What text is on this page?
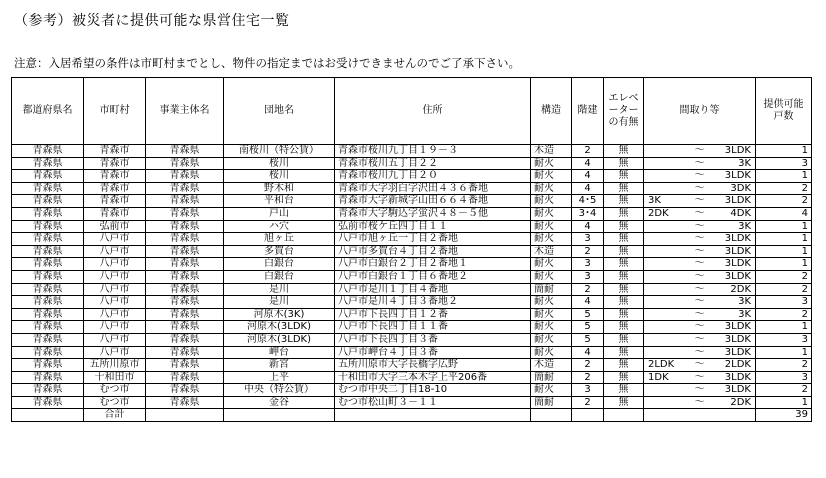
（参考）被災者に提供可能な県営住宅一覧
注意：入居希望の条件は市町村までとし、物件の指定まではお受けできませんのでご了承下さい。
都道府県名	市町村	事業主体名	団地名	住所	構造	階建	エレベーターの有無	間取り等	提供可能戸数
青森県	青森市	青森県	南桜川（特公賃）	青森市桜川九丁目１９－３	木造	2	無	～ 3LDK	1
青森県	青森市	青森県	桜川	青森市桜川五丁目２２	耐火	4	無	～ 3K	3
青森県	青森市	青森県	桜川	青森市桜川九丁目２０	耐火	4	無	～ 3LDK	1
青森県	青森市	青森県	野木和	青森市大字羽白字沢田４３６番地	耐火	4	無	～ 3DK	2
青森県	青森市	青森県	平和台	青森市大字新城字山田６６４番地	耐火	4･5	無	3K ～ 3LDK	2
青森県	青森市	青森県	戸山	青森市大字駒込字蛍沢４８－５他	耐火	3･4	無	2DK ～ 4DK	4
青森県	弘前市	青森県	ハ穴	弘前市桜ケ丘四丁目１１	耐火	4	無	～ 3K	1
青森県	八戸市	青森県	旭ヶ丘	八戸市旭ヶ丘一丁目２番地	耐火	3	無	～ 3LDK	1
青森県	八戸市	青森県	多賀台	八戸市多賀台４丁目２番地	木造	2	無	～ 3LDK	1
青森県	八戸市	青森県	白銀台	八戸市白銀台２丁目２番地１	耐火	3	無	～ 3LDK	1
青森県	八戸市	青森県	白銀台	八戸市白銀台１丁目６番地２	耐火	3	無	～ 3LDK	2
青森県	八戸市	青森県	是川	八戸市是川１丁目４番地	簡耐	2	無	～ 2DK	2
青森県	八戸市	青森県	是川	八戸市是川４丁目３番地２	耐火	4	無	～ 3K	3
青森県	八戸市	青森県	河原木(3K)	八戸市下長四丁目１２番	耐火	5	無	～ 3K	2
青森県	八戸市	青森県	河原木(3LDK)	八戸市下長四丁目１１番	耐火	5	無	～ 3LDK	1
青森県	八戸市	青森県	河原木(3LDK)	八戸市下長四丁目３番	耐火	5	無	～ 3LDK	3
青森県	八戸市	青森県	岬台	八戸市岬台４丁目３番	耐火	4	無	～ 3LDK	1
青森県	五所川原市	青森県	新宮	五所川原市大字長橋字広野	木造	2	無	2LDK ～ 2LDK	2
青森県	十和田市	青森県	上平	十和田市大字三本木字上平206番	簡耐	2	無	1DK ～ 3LDK	3
青森県	むつ市	青森県	中央（特公賃）	むつ市中央二丁目18-10	耐火	3	無	～ 3LDK	2
青森県	むつ市	青森県	金谷	むつ市松山町３－１１	簡耐	2	無	～ 2DK	1
	合計								39
